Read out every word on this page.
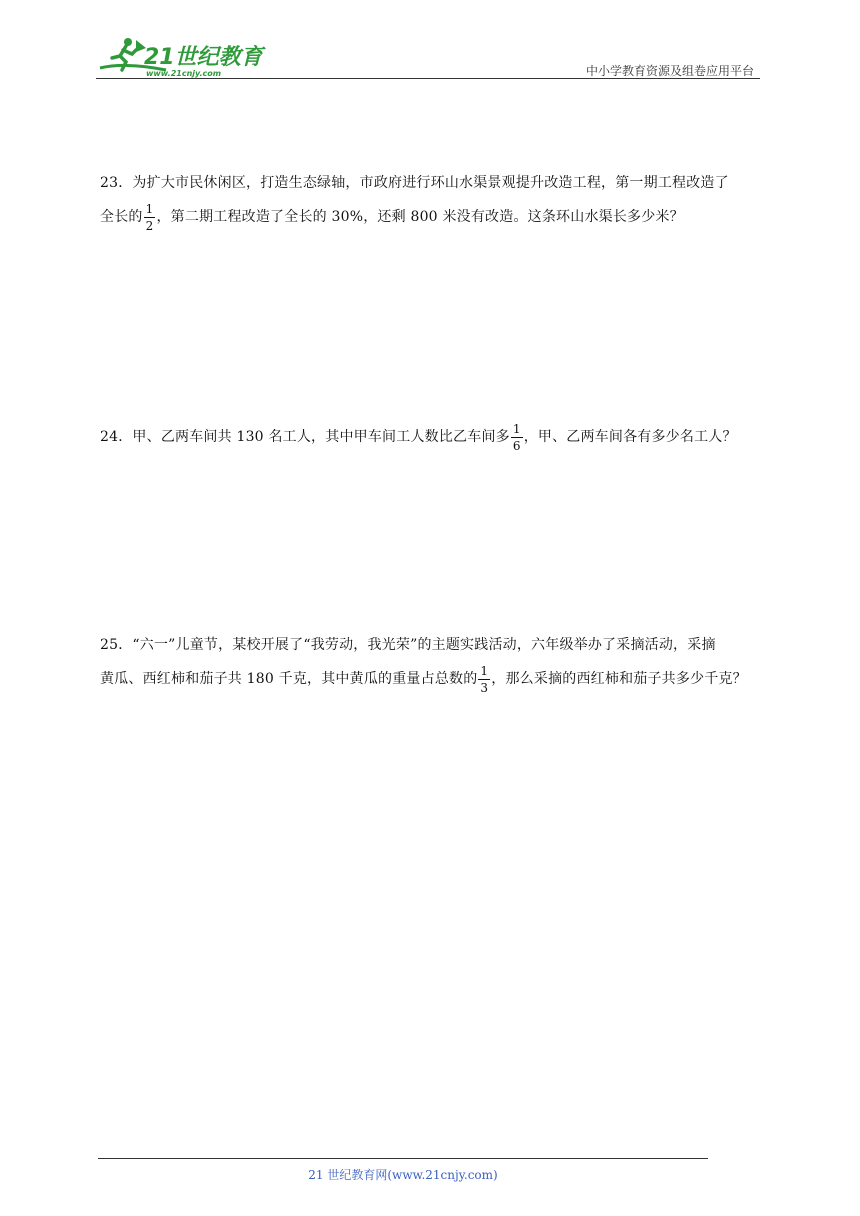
21世纪教育
www.21cnjy.com	中小学教育资源及组卷应用平台
23．为扩大市民休闲区，打造生态绿轴，市政府进行环山水渠景观提升改造工程，第一期工程改造了
全长的 $\frac{1}{2}$ ，第二期工程改造了全长的 30%，还剩 800 米没有改造。这条环山水渠长多少米？
24．甲、乙两车间共 130 名工人，其中甲车间工人数比乙车间多 $\frac{1}{6}$ ，甲、乙两车间各有多少名工人？
25．“六一”儿童节，某校开展了“我劳动，我光荣”的主题实践活动，六年级举办了采摘活动，采摘
黄瓜、西红柿和茄子共 180 千克，其中黄瓜的重量占总数的 $\frac{1}{3}$ ，那么采摘的西红柿和茄子共多少千克？
21 世纪教育网(www.21cnjy.com)
